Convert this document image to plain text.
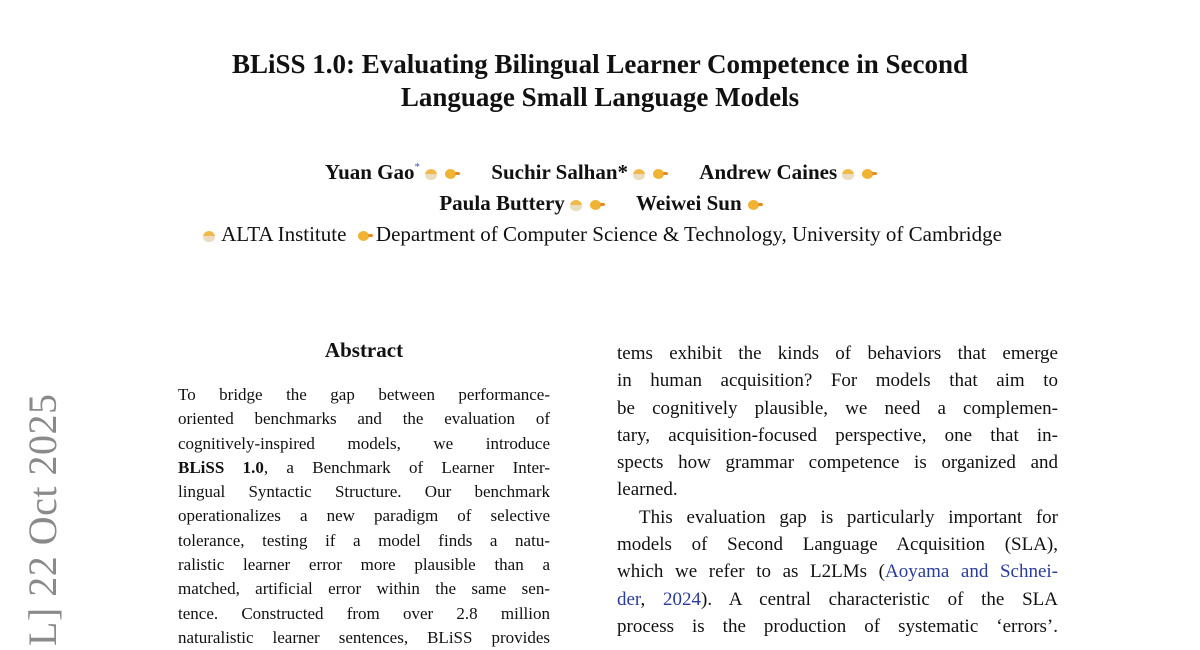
L] 22 Oct 2025
BLiSS 1.0: Evaluating Bilingual Learner Competence in Second
Language Small Language Models
Yuan Gao*	Suchir Salhan*	Andrew Caines
Paula Buttery	Weiwei Sun
ALTA Institute Department of Computer Science & Technology, University of Cambridge
Abstract
To bridge the gap between performance-
oriented benchmarks and the evaluation of
cognitively-inspired models, we introduce
BLiSS 1.0, a Benchmark of Learner Inter-
lingual Syntactic Structure. Our benchmark
operationalizes a new paradigm of selective
tolerance, testing if a model finds a natu-
ralistic learner error more plausible than a
matched, artificial error within the same sen-
tence. Constructed from over 2.8 million
naturalistic learner sentences, BLiSS provides

tems exhibit the kinds of behaviors that emerge
in human acquisition? For models that aim to
be cognitively plausible, we need a complemen-
tary, acquisition-focused perspective, one that in-
spects how grammar competence is organized and
learned.

This evaluation gap is particularly important for
models of Second Language Acquisition (SLA),
which we refer to as L2LMs (Aoyama and Schnei-
der, 2024). A central characteristic of the SLA
process is the production of systematic ‘errors’.
